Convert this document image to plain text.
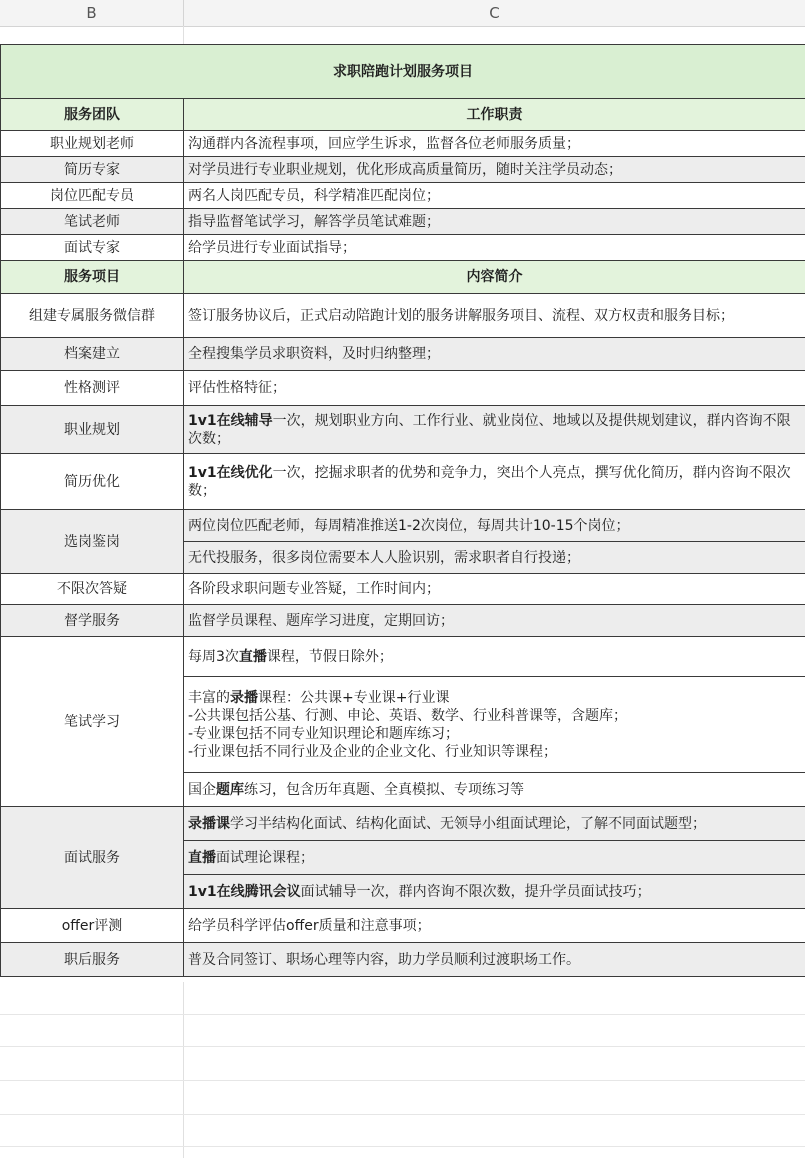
B	C
求职陪跑计划服务项目	
服务团队	工作职责
职业规划老师	沟通群内各流程事项，回应学生诉求，监督各位老师服务质量；
简历专家	对学员进行专业职业规划，优化形成高质量简历，随时关注学员动态；
岗位匹配专员	两名人岗匹配专员，科学精准匹配岗位；
笔试老师	指导监督笔试学习，解答学员笔试难题；
面试专家	给学员进行专业面试指导；
服务项目	内容简介
组建专属服务微信群	签订服务协议后，正式启动陪跑计划的服务讲解服务项目、流程、双方权责和服务目标；
档案建立	全程搜集学员求职资料，及时归纳整理；
性格测评	评估性格特征；
职业规划	1v1在线辅导一次，规划职业方向、工作行业、就业岗位、地域以及提供规划建议，群内咨询不限次数；
简历优化	1v1在线优化一次，挖掘求职者的优势和竞争力，突出个人亮点，撰写优化简历，群内咨询不限次数；
选岗鉴岗	两位岗位匹配老师，每周精准推送1-2次岗位，每周共计10-15个岗位；
	无代投服务，很多岗位需要本人人脸识别，需求职者自行投递；
不限次答疑	各阶段求职问题专业答疑，工作时间内；
督学服务	监督学员课程、题库学习进度，定期回访；
笔试学习	每周3次直播课程，节假日除外；

	丰富的录播课程：公共课+专业课+行业课
-公共课包括公基、行测、申论、英语、数学、行业科普课等，含题库；
-专业课包括不同专业知识理论和题库练习；
-行业课包括不同行业及企业的企业文化、行业知识等课程；

	国企题库练习，包含历年真题、全真模拟、专项练习等
面试服务	录播课学习半结构化面试、结构化面试、无领导小组面试理论，了解不同面试题型；
	直播面试理论课程；
	1v1在线腾讯会议面试辅导一次，群内咨询不限次数，提升学员面试技巧；
offer评测	给学员科学评估offer质量和注意事项；
职后服务	普及合同签订、职场心理等内容，助力学员顺利过渡职场工作。
